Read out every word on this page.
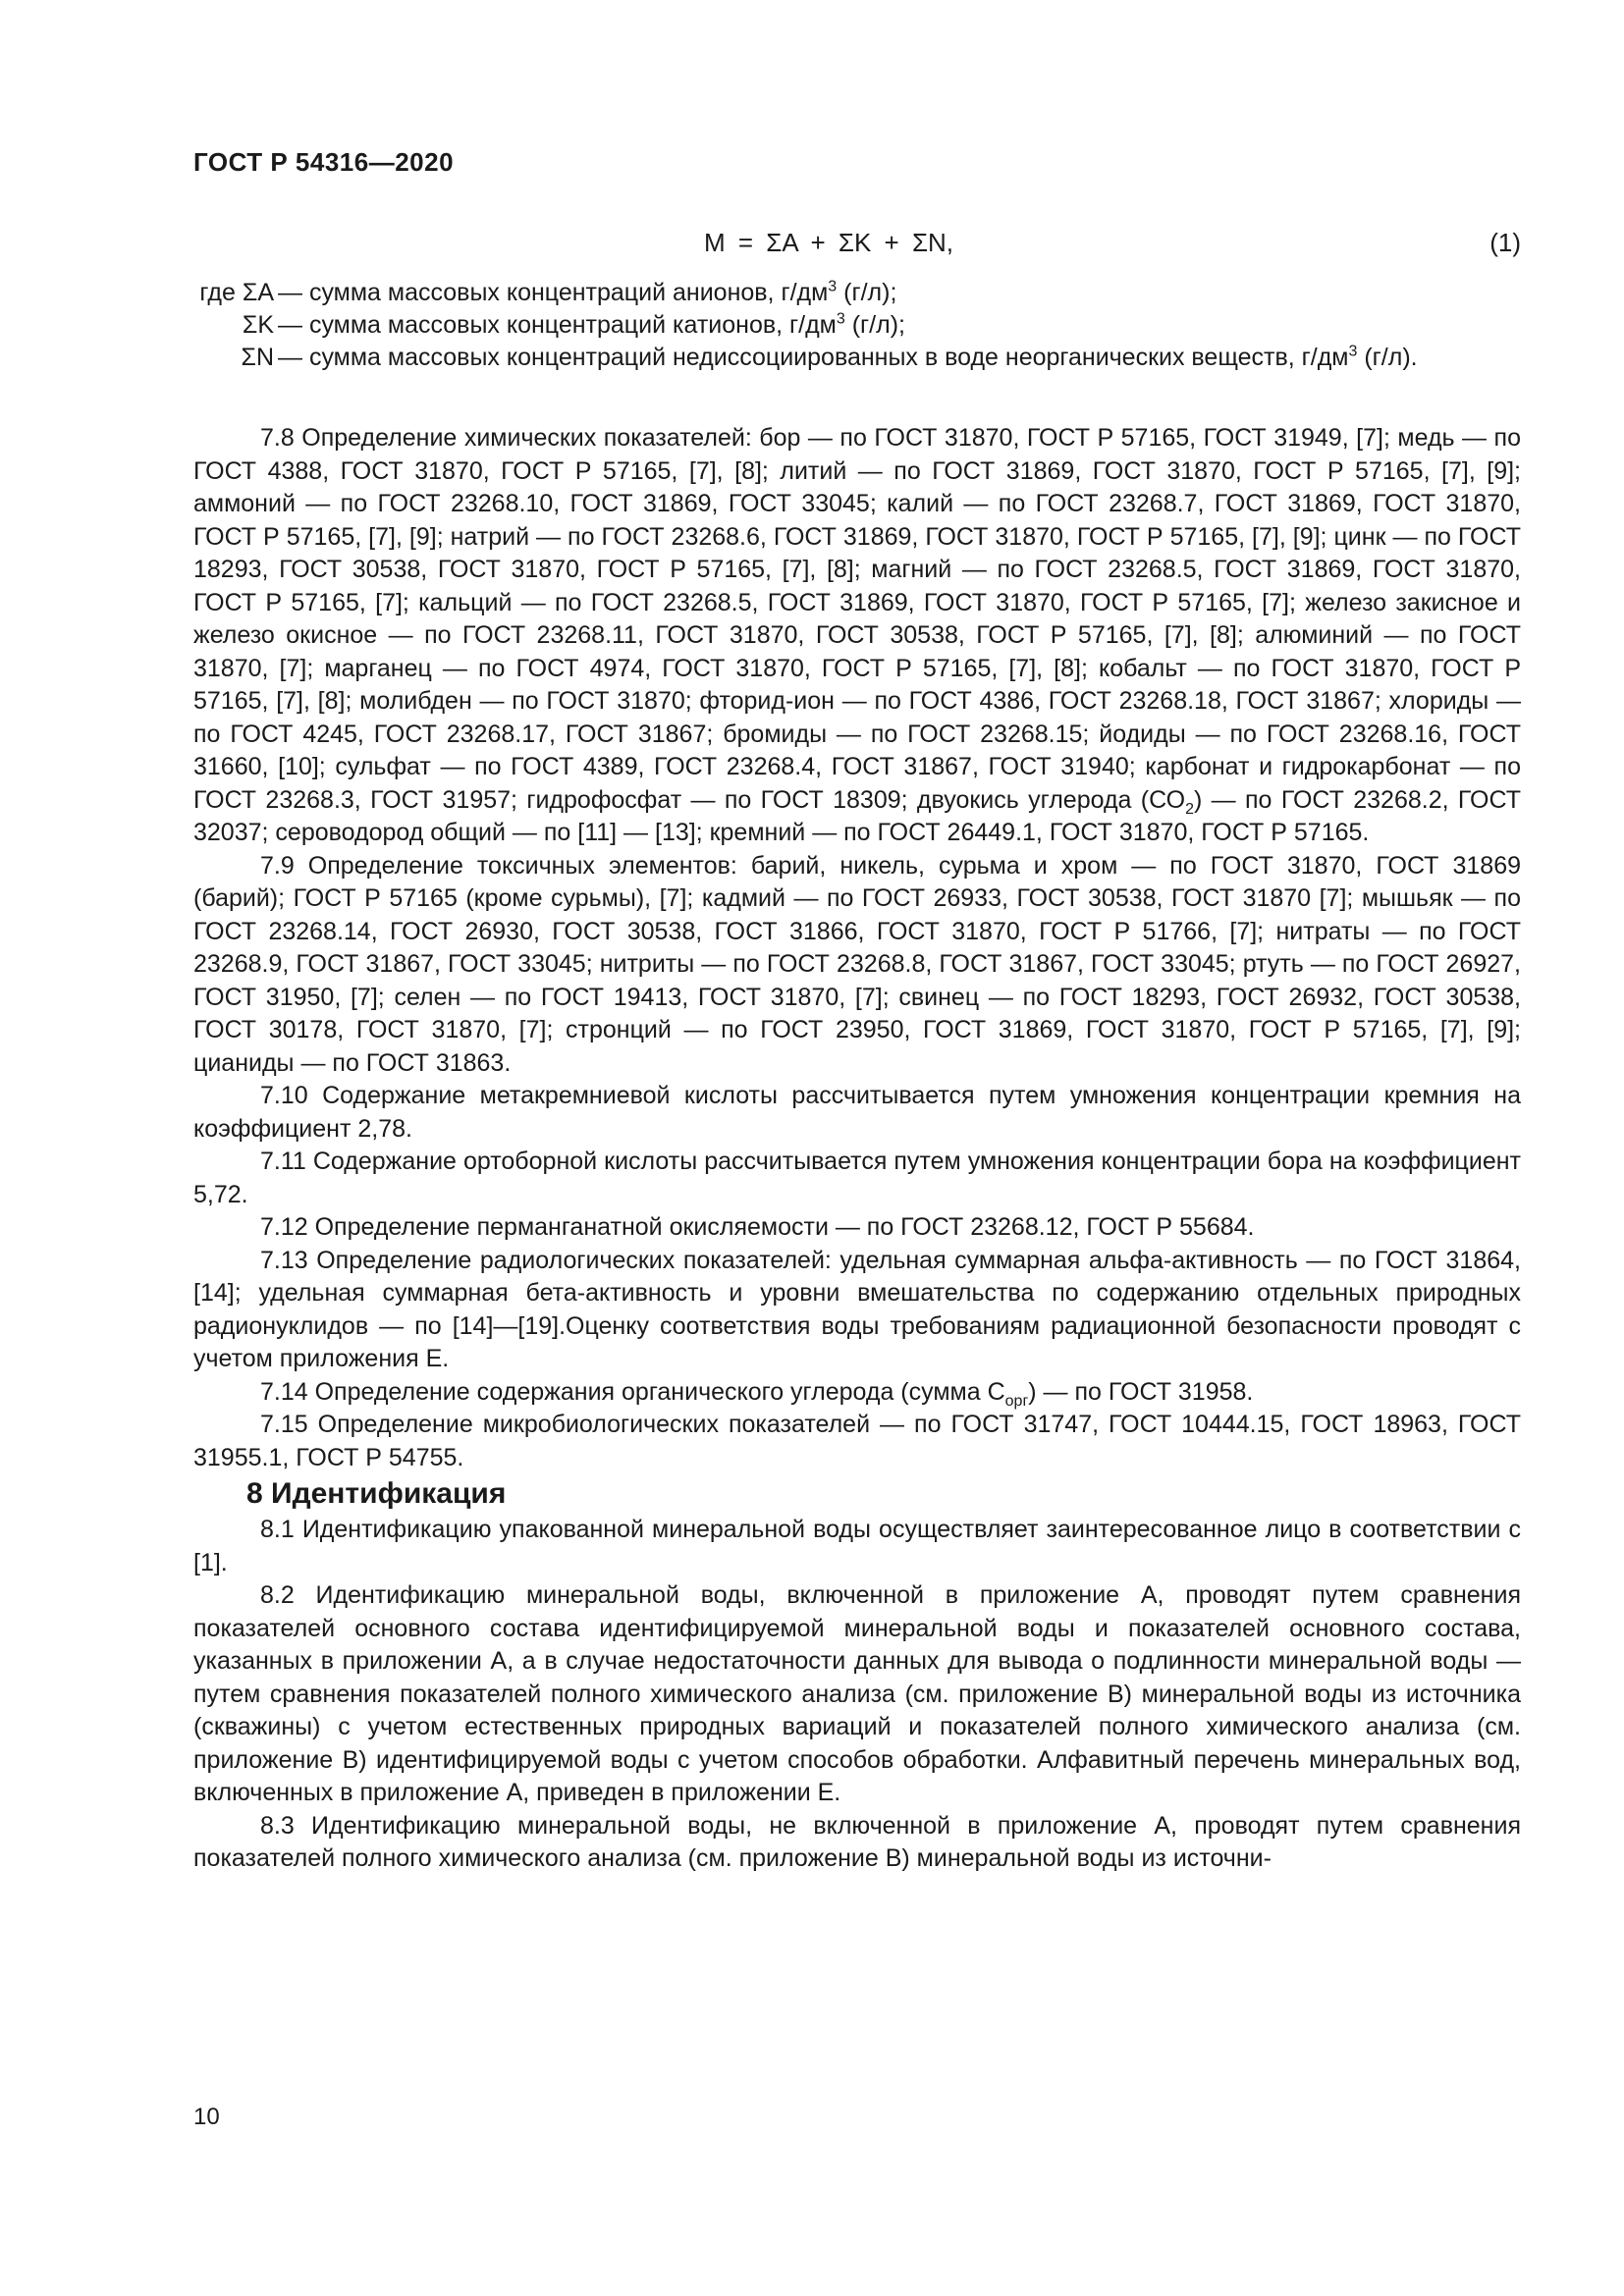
ГОСТ Р 54316—2020
M = ΣA + ΣK + ΣN,	(1)
где ΣA — сумма массовых концентраций анионов, $г/дм^3$ (г/л);
ΣK — сумма массовых концентраций катионов, $г/дм^3$ (г/л);
ΣN — сумма массовых концентраций недиссоциированных в воде неорганических веществ, $г/дм^3$ (г/л).

7.8 Определение химических показателей: бор — по ГОСТ 31870, ГОСТ Р 57165, ГОСТ 31949, [7]; медь — по ГОСТ 4388, ГОСТ 31870, ГОСТ Р 57165, [7], [8]; литий — по ГОСТ 31869, ГОСТ 31870, ГОСТ Р 57165, [7], [9]; аммоний — по ГОСТ 23268.10, ГОСТ 31869, ГОСТ 33045; калий — по ГОСТ 23268.7, ГОСТ 31869, ГОСТ 31870, ГОСТ Р 57165, [7], [9]; натрий — по ГОСТ 23268.6, ГОСТ 31869, ГОСТ 31870, ГОСТ Р 57165, [7], [9]; цинк — по ГОСТ 18293, ГОСТ 30538, ГОСТ 31870, ГОСТ Р 57165, [7], [8]; магний — по ГОСТ 23268.5, ГОСТ 31869, ГОСТ 31870, ГОСТ Р 57165, [7]; кальций — по ГОСТ 23268.5, ГОСТ 31869, ГОСТ 31870, ГОСТ Р 57165, [7]; железо закисное и железо окисное — по ГОСТ 23268.11, ГОСТ 31870, ГОСТ 30538, ГОСТ Р 57165, [7], [8]; алюминий — по ГОСТ 31870, [7]; марганец — по ГОСТ 4974, ГОСТ 31870, ГОСТ Р 57165, [7], [8]; кобальт — по ГОСТ 31870, ГОСТ Р 57165, [7], [8]; молибден — по ГОСТ 31870; фторид-ион — по ГОСТ 4386, ГОСТ 23268.18, ГОСТ 31867; хлориды — по ГОСТ 4245, ГОСТ 23268.17, ГОСТ 31867; бромиды — по ГОСТ 23268.15; йодиды — по ГОСТ 23268.16, ГОСТ 31660, [10]; сульфат — по ГОСТ 4389, ГОСТ 23268.4, ГОСТ 31867, ГОСТ 31940; карбонат и гидрокарбонат — по ГОСТ 23268.3, ГОСТ 31957; гидрофосфат — по ГОСТ 18309; двуокись углерода $(СО_2)$ — по ГОСТ 23268.2, ГОСТ 32037; сероводород общий — по [11] — [13]; кремний — по ГОСТ 26449.1, ГОСТ 31870, ГОСТ Р 57165.

7.9 Определение токсичных элементов: барий, никель, сурьма и хром — по ГОСТ 31870, ГОСТ 31869 (барий); ГОСТ Р 57165 (кроме сурьмы), [7]; кадмий — по ГОСТ 26933, ГОСТ 30538, ГОСТ 31870 [7]; мышьяк — по ГОСТ 23268.14, ГОСТ 26930, ГОСТ 30538, ГОСТ 31866, ГОСТ 31870, ГОСТ Р 51766, [7]; нитраты — по ГОСТ 23268.9, ГОСТ 31867, ГОСТ 33045; нитриты — по ГОСТ 23268.8, ГОСТ 31867, ГОСТ 33045; ртуть — по ГОСТ 26927, ГОСТ 31950, [7]; селен — по ГОСТ 19413, ГОСТ 31870, [7]; свинец — по ГОСТ 18293, ГОСТ 26932, ГОСТ 30538, ГОСТ 30178, ГОСТ 31870, [7]; стронций — по ГОСТ 23950, ГОСТ 31869, ГОСТ 31870, ГОСТ Р 57165, [7], [9]; цианиды — по ГОСТ 31863.

7.10 Содержание метакремниевой кислоты рассчитывается путем умножения концентрации кремния на коэффициент 2,78.

7.11 Содержание ортоборной кислоты рассчитывается путем умножения концентрации бора на коэффициент 5,72.

7.12 Определение перманганатной окисляемости — по ГОСТ 23268.12, ГОСТ Р 55684.

7.13 Определение радиологических показателей: удельная суммарная альфа-активность — по ГОСТ 31864, [14]; удельная суммарная бета-активность и уровни вмешательства по содержанию отдельных природных радионуклидов — по [14]—[19].Оценку соответствия воды требованиям радиационной безопасности проводят с учетом приложения Е.

7.14 Определение содержания органического углерода (сумма $С_{орг}$) — по ГОСТ 31958.

7.15 Определение микробиологических показателей — по ГОСТ 31747, ГОСТ 10444.15, ГОСТ 18963, ГОСТ 31955.1, ГОСТ Р 54755.

8 Идентификация

8.1 Идентификацию упакованной минеральной воды осуществляет заинтересованное лицо в соответствии с [1].

8.2 Идентификацию минеральной воды, включенной в приложение А, проводят путем сравнения показателей основного состава идентифицируемой минеральной воды и показателей основного состава, указанных в приложении А, а в случае недостаточности данных для вывода о подлинности минеральной воды — путем сравнения показателей полного химического анализа (см. приложение В) минеральной воды из источника (скважины) с учетом естественных природных вариаций и показателей полного химического анализа (см. приложение В) идентифицируемой воды с учетом способов обработки. Алфавитный перечень минеральных вод, включенных в приложение А, приведен в приложении Е.

8.3 Идентификацию минеральной воды, не включенной в приложение А, проводят путем сравнения показателей полного химического анализа (см. приложение В) минеральной воды из источни-

10
